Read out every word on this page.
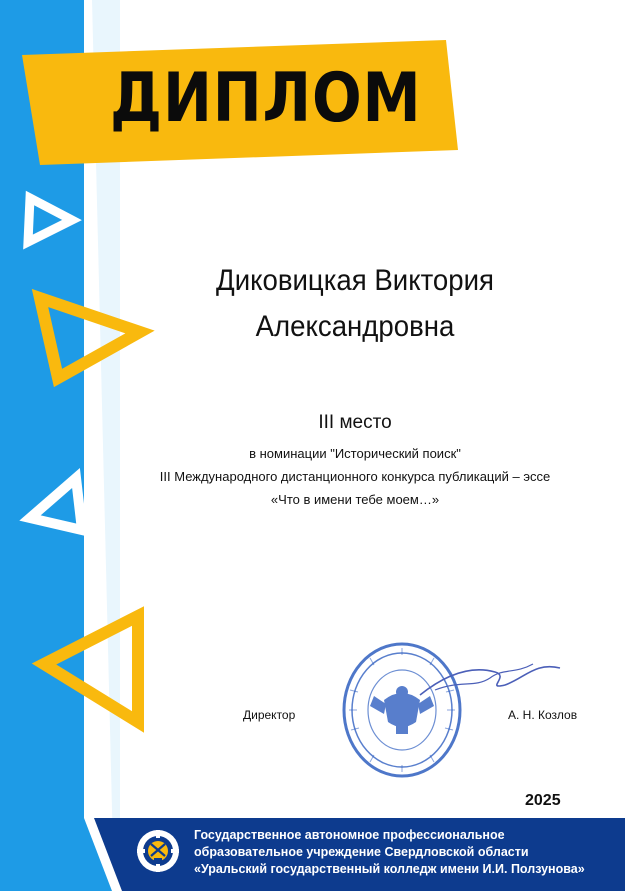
ДИПЛОМ
Диковицкая Виктория
Александровна
III место
в номинации "Исторический поиск"
III Международного дистанционного конкурса публикаций – эссе
«Что в имени тебе моем…»
Директор	А. Н. Козлов
2025
Государственное автономное профессиональное
образовательное учреждение Свердловской области
«Уральский государственный колледж имени И.И. Ползунова»
